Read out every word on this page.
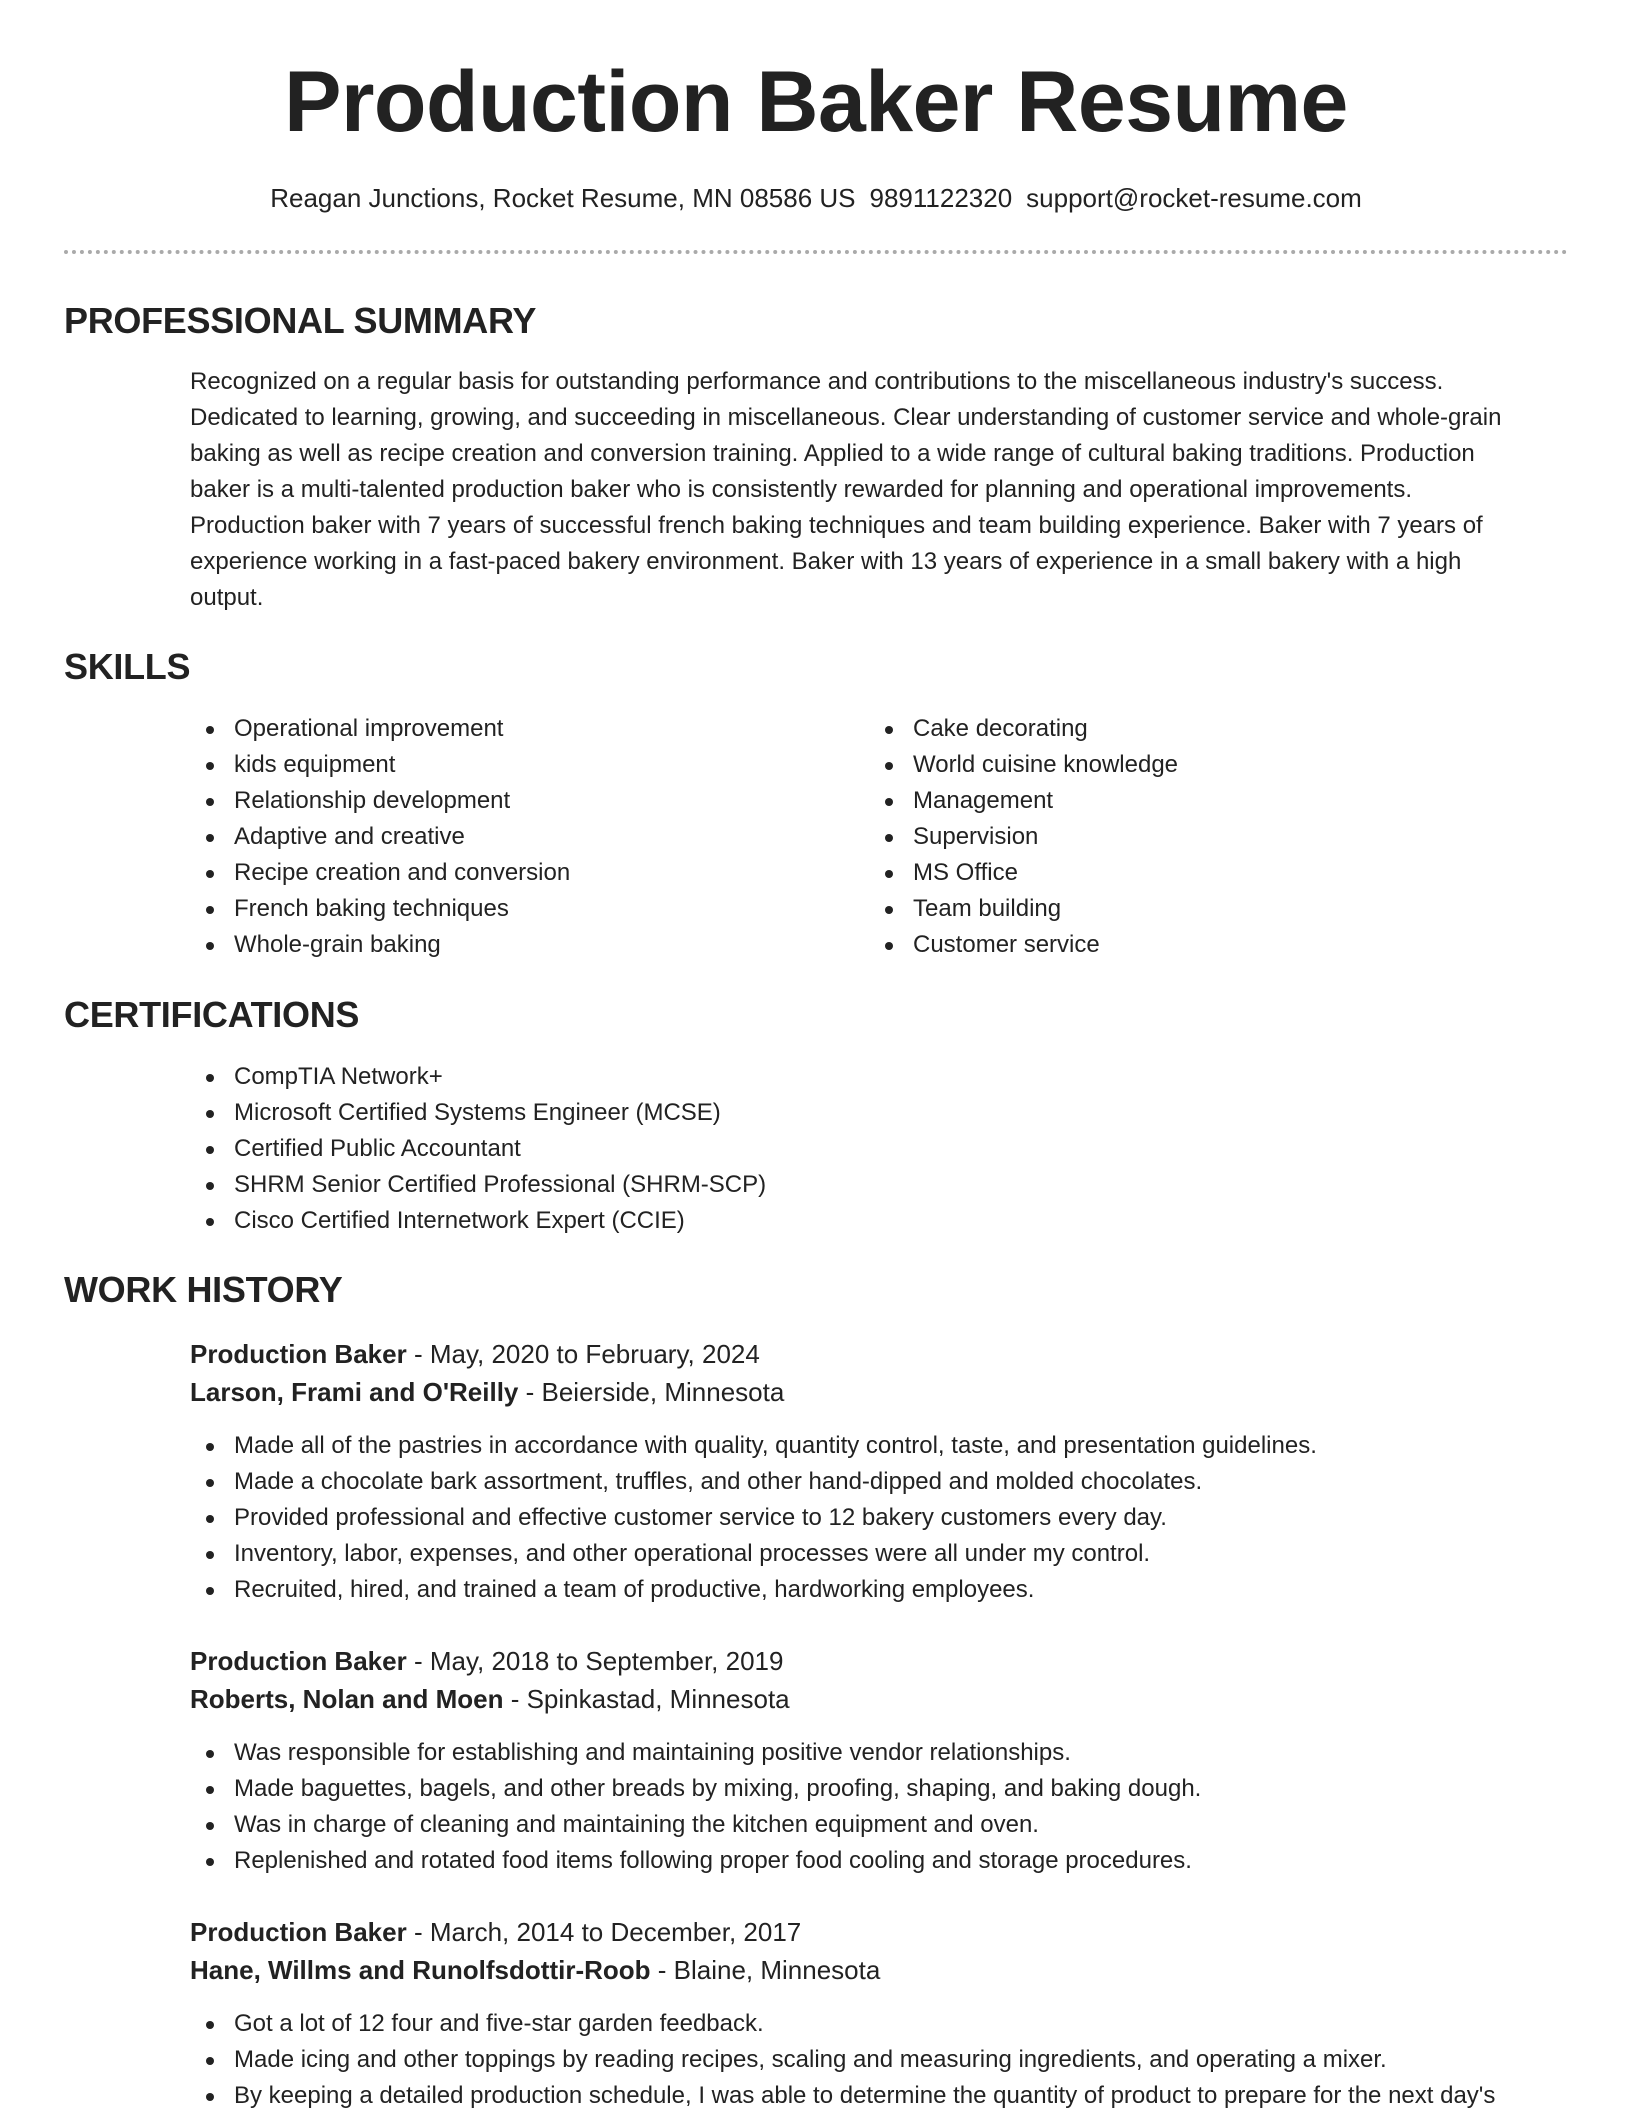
Production Baker Resume
Reagan Junctions, Rocket Resume, MN 08586 US 9891122320 support@rocket-resume.com
PROFESSIONAL SUMMARY
Recognized on a regular basis for outstanding performance and contributions to the miscellaneous industry's success.
Dedicated to learning, growing, and succeeding in miscellaneous. Clear understanding of customer service and whole-grain
baking as well as recipe creation and conversion training. Applied to a wide range of cultural baking traditions. Production
baker is a multi-talented production baker who is consistently rewarded for planning and operational improvements.
Production baker with 7 years of successful french baking techniques and team building experience. Baker with 7 years of
experience working in a fast-paced bakery environment. Baker with 13 years of experience in a small bakery with a high
output.
SKILLS
Operational improvement
kids equipment
Relationship development
Adaptive and creative
Recipe creation and conversion
French baking techniques
Whole-grain baking
Cake decorating
World cuisine knowledge
Management
Supervision
MS Office
Team building
Customer service
CERTIFICATIONS
CompTIA Network+
Microsoft Certified Systems Engineer (MCSE)
Certified Public Accountant
SHRM Senior Certified Professional (SHRM-SCP)
Cisco Certified Internetwork Expert (CCIE)
WORK HISTORY
Production Baker - May, 2020 to February, 2024
Larson, Frami and O'Reilly - Beierside, Minnesota
Made all of the pastries in accordance with quality, quantity control, taste, and presentation guidelines.
Made a chocolate bark assortment, truffles, and other hand-dipped and molded chocolates.
Provided professional and effective customer service to 12 bakery customers every day.
Inventory, labor, expenses, and other operational processes were all under my control.
Recruited, hired, and trained a team of productive, hardworking employees.
Production Baker - May, 2018 to September, 2019
Roberts, Nolan and Moen - Spinkastad, Minnesota
Was responsible for establishing and maintaining positive vendor relationships.
Made baguettes, bagels, and other breads by mixing, proofing, shaping, and baking dough.
Was in charge of cleaning and maintaining the kitchen equipment and oven.
Replenished and rotated food items following proper food cooling and storage procedures.
Production Baker - March, 2014 to December, 2017
Hane, Willms and Runolfsdottir-Roob - Blaine, Minnesota
Got a lot of 12 four and five-star garden feedback.
Made icing and other toppings by reading recipes, scaling and measuring ingredients, and operating a mixer.
By keeping a detailed production schedule, I was able to determine the quantity of product to prepare for the next day's
